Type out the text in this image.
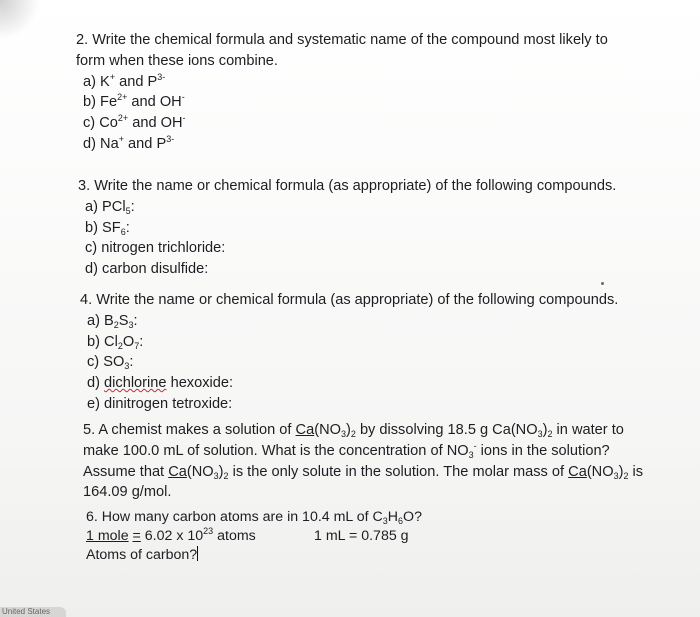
2. Write the chemical formula and systematic name of the compound most likely to
form when these ions combine.
a) K+ and $P^{3-}$
b) $Fe^{2+}$ and OH-
c) $Co^{2+}$ and OH-
d) Na+ and $P^{3-}$
3. Write the name or chemical formula (as appropriate) of the following compounds.
a) PCl$_5$:
b) $SF_6$:
c) nitrogen trichloride:
d) carbon disulfide:
4. Write the name or chemical formula (as appropriate) of the following compounds.
a) $B_2S_3$:
b) $Cl_2O_7$:
c) $SO_3$:
d) dichlorine hexoxide:
e) dinitrogen tetroxide:
5. A chemist makes a solution of $Ca(NO_3)_2$ by dissolving 18.5 g $Ca(NO_3)_2$ in water to
make 100.0 mL of solution. What is the concentration of $NO_3^-$ ions in the solution?
Assume that $Ca(NO_3)_2$ is the only solute in the solution. The molar mass of $Ca(NO_3)_2$ is
164.09 g/mol.
6. How many carbon atoms are in 10.4 mL of $C_3H_6O$?
1 mole = 6.02 x $10^{23}$ atoms	1 mL = 0.785 g
Atoms of carbon?
United States
